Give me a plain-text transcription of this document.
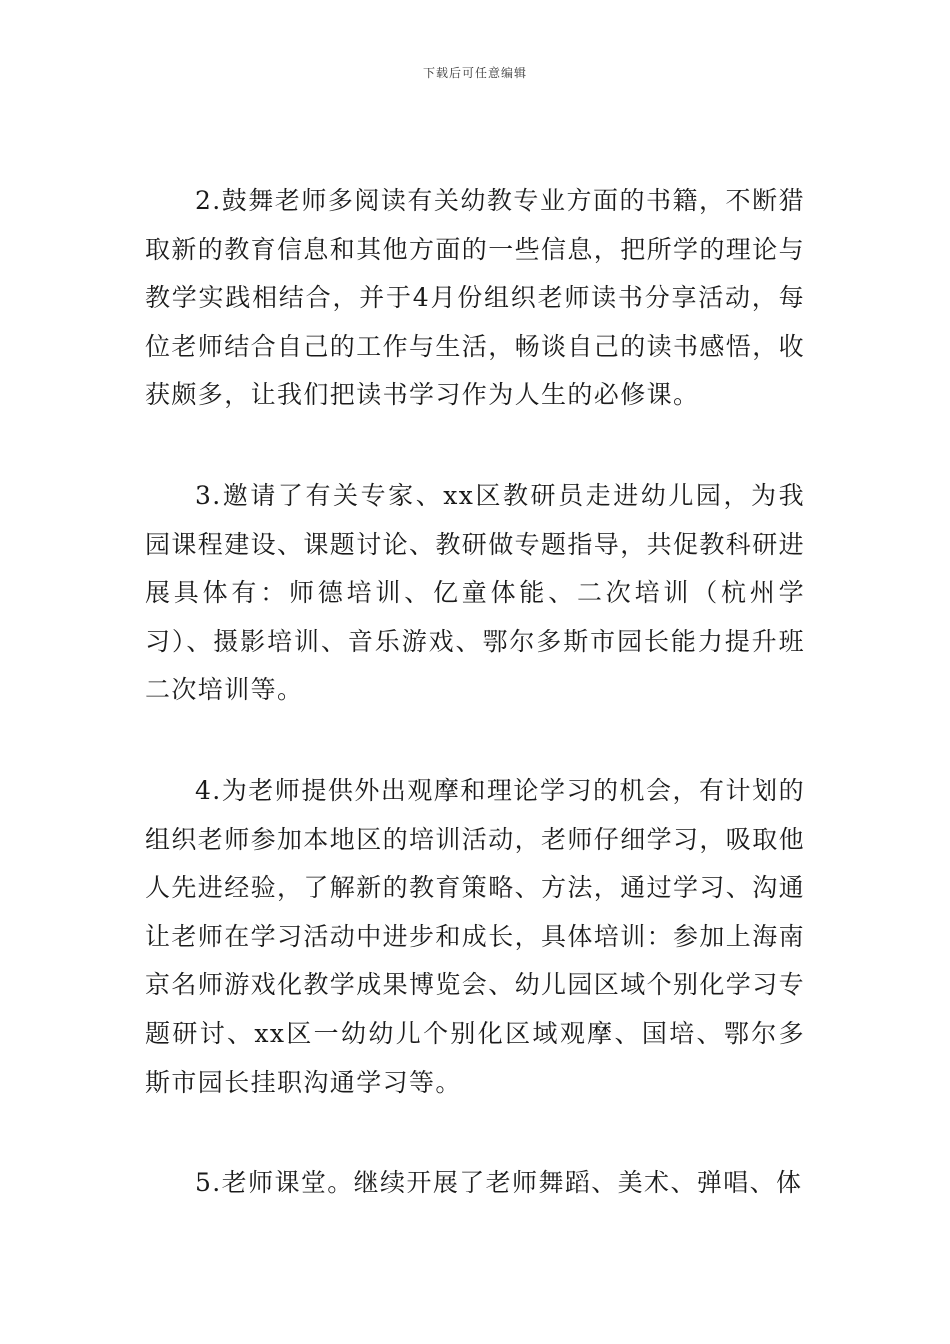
下载后可任意编辑

2.鼓舞老师多阅读有关幼教专业方面的书籍，不断猎取新的教育信息和其他方面的一些信息，把所学的理论与教学实践相结合，并于4月份组织老师读书分享活动，每位老师结合自己的工作与生活，畅谈自己的读书感悟，收获颇多，让我们把读书学习作为人生的必修课。

3.邀请了有关专家、xx区教研员走进幼儿园，为我园课程建设、课题讨论、教研做专题指导，共促教科研进展具体有：师德培训、亿童体能、二次培训（杭州学习）、摄影培训、音乐游戏、鄂尔多斯市园长能力提升班二次培训等。

4.为老师提供外出观摩和理论学习的机会，有计划的组织老师参加本地区的培训活动，老师仔细学习，吸取他人先进经验，了解新的教育策略、方法，通过学习、沟通让老师在学习活动中进步和成长，具体培训：参加上海南京名师游戏化教学成果博览会、幼儿园区域个别化学习专题研讨、xx区一幼幼儿个别化区域观摩、国培、鄂尔多斯市园长挂职沟通学习等。

5.老师课堂。继续开展了老师舞蹈、美术、弹唱、体
